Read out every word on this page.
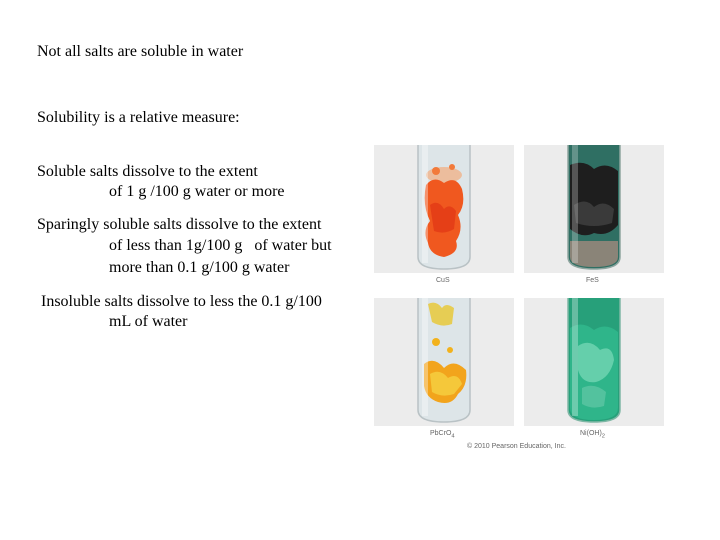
Not all salts are soluble in water
Solubility is a relative measure:
Soluble salts dissolve to the extent
of 1 g /100 g water or more
Sparingly soluble salts dissolve to the extent
of less than 1g/100 g   of water but
more than 0.1 g/100 g water
Insoluble salts dissolve to less the 0.1 g/100
mL of water
CuS	FeS
PbCrO$_4$	$Ni(OH)_2$
© 2010 Pearson Education, Inc.
